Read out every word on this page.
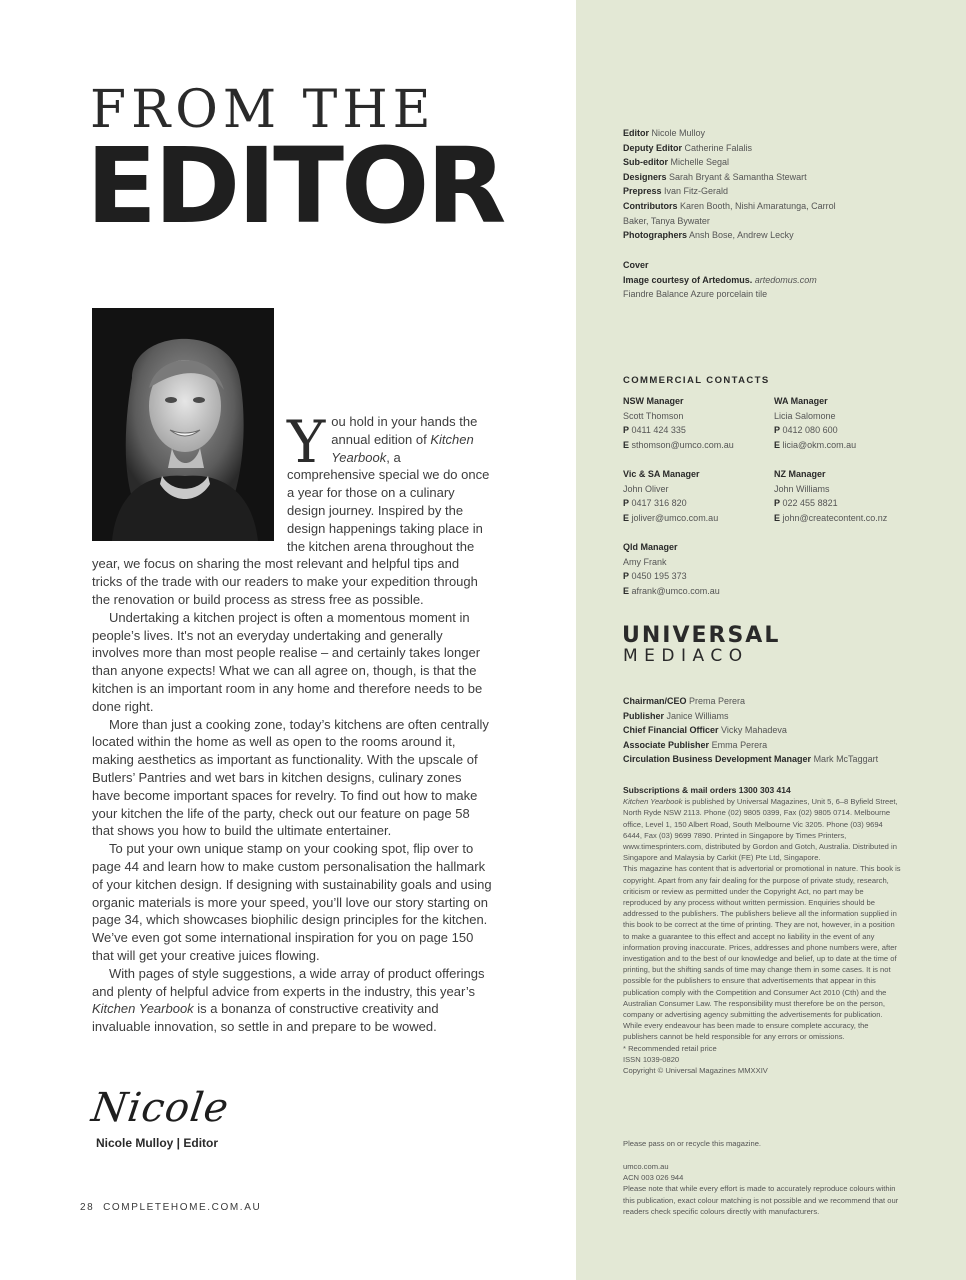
FROM THE
EDITOR

You hold in your hands the annual edition of Kitchen Yearbook, a comprehensive special we do once a year for those on a culinary design journey. Inspired by the design happenings taking place in the kitchen arena throughout the year, we focus on sharing the most relevant and helpful tips and tricks of the trade with our readers to make your expedition through the renovation or build process as stress free as possible.

Undertaking a kitchen project is often a momentous moment in people’s lives. It's not an everyday undertaking and generally involves more than most people realise – and certainly takes longer than anyone expects! What we can all agree on, though, is that the kitchen is an important room in any home and therefore needs to be done right.

More than just a cooking zone, today’s kitchens are often centrally located within the home as well as open to the rooms around it, making aesthetics as important as functionality. With the upscale of Butlers’ Pantries and wet bars in kitchen designs, culinary zones have become important spaces for revelry. To find out how to make your kitchen the life of the party, check out our feature on page 58 that shows you how to build the ultimate entertainer.

To put your own unique stamp on your cooking spot, flip over to page 44 and learn how to make custom personalisation the hallmark of your kitchen design. If designing with sustainability goals and using organic materials is more your speed, you’ll love our story starting on page 34, which showcases biophilic design principles for the kitchen. We’ve even got some international inspiration for you on page 150 that will get your creative juices flowing.

With pages of style suggestions, a wide array of product offerings and plenty of helpful advice from experts in the industry, this year’s Kitchen Yearbook is a bonanza of constructive creativity and invaluable innovation, so settle in and prepare to be wowed.

Nicole
Nicole Mulloy | Editor
28 COMPLETEHOME.COM.AU
Editor Nicole Mulloy
Deputy Editor Catherine Falalis
Sub-editor Michelle Segal
Designers Sarah Bryant & Samantha Stewart
Prepress Ivan Fitz-Gerald
Contributors Karen Booth, Nishi Amaratunga, Carrol Baker, Tanya Bywater
Photographers Ansh Bose, Andrew Lecky
Cover
Image courtesy of Artedomus. artedomus.com
Fiandre Balance Azure porcelain tile
COMMERCIAL CONTACTS
NSW Manager
Scott Thomson
P 0411 424 335
E sthomson@umco.com.au
WA Manager
Licia Salomone
P 0412 080 600
E licia@okm.com.au
Vic & SA Manager
John Oliver
P 0417 316 820
E joliver@umco.com.au
NZ Manager
John Williams
P 022 455 8821
E john@createcontent.co.nz
Qld Manager
Amy Frank
P 0450 195 373
E afrank@umco.com.au
UNIVERSAL
MEDIACO
Chairman/CEO Prema Perera
Publisher Janice Williams
Chief Financial Officer Vicky Mahadeva
Associate Publisher Emma Perera
Circulation Business Development Manager Mark McTaggart

Subscriptions & mail orders 1300 303 414

Kitchen Yearbook is published by Universal Magazines, Unit 5, 6–8 Byfield Street, North Ryde NSW 2113. Phone (02) 9805 0399, Fax (02) 9805 0714. Melbourne office, Level 1, 150 Albert Road, South Melbourne Vic 3205. Phone (03) 9694 6444, Fax (03) 9699 7890. Printed in Singapore by Times Printers, www.timesprinters.com, distributed by Gordon and Gotch, Australia. Distributed in Singapore and Malaysia by Carkit (FE) Pte Ltd, Singapore.

This magazine has content that is advertorial or promotional in nature. This book is copyright. Apart from any fair dealing for the purpose of private study, research, criticism or review as permitted under the Copyright Act, no part may be reproduced by any process without written permission. Enquiries should be addressed to the publishers. The publishers believe all the information supplied in this book to be correct at the time of printing. They are not, however, in a position to make a guarantee to this effect and accept no liability in the event of any information proving inaccurate. Prices, addresses and phone numbers were, after investigation and to the best of our knowledge and belief, up to date at the time of printing, but the shifting sands of time may change them in some cases. It is not possible for the publishers to ensure that advertisements that appear in this publication comply with the Competition and Consumer Act 2010 (Cth) and the Australian Consumer Law. The responsibility must therefore be on the person, company or advertising agency submitting the advertisements for publication. While every endeavour has been made to ensure complete accuracy, the publishers cannot be held responsible for any errors or omissions.

* Recommended retail price

ISSN 1039-0820

Copyright © Universal Magazines MMXXIV

Please pass on or recycle this magazine.

umco.com.au

ACN 003 026 944

Please note that while every effort is made to accurately reproduce colours within this publication, exact colour matching is not possible and we recommend that our readers check specific colours directly with manufacturers.
